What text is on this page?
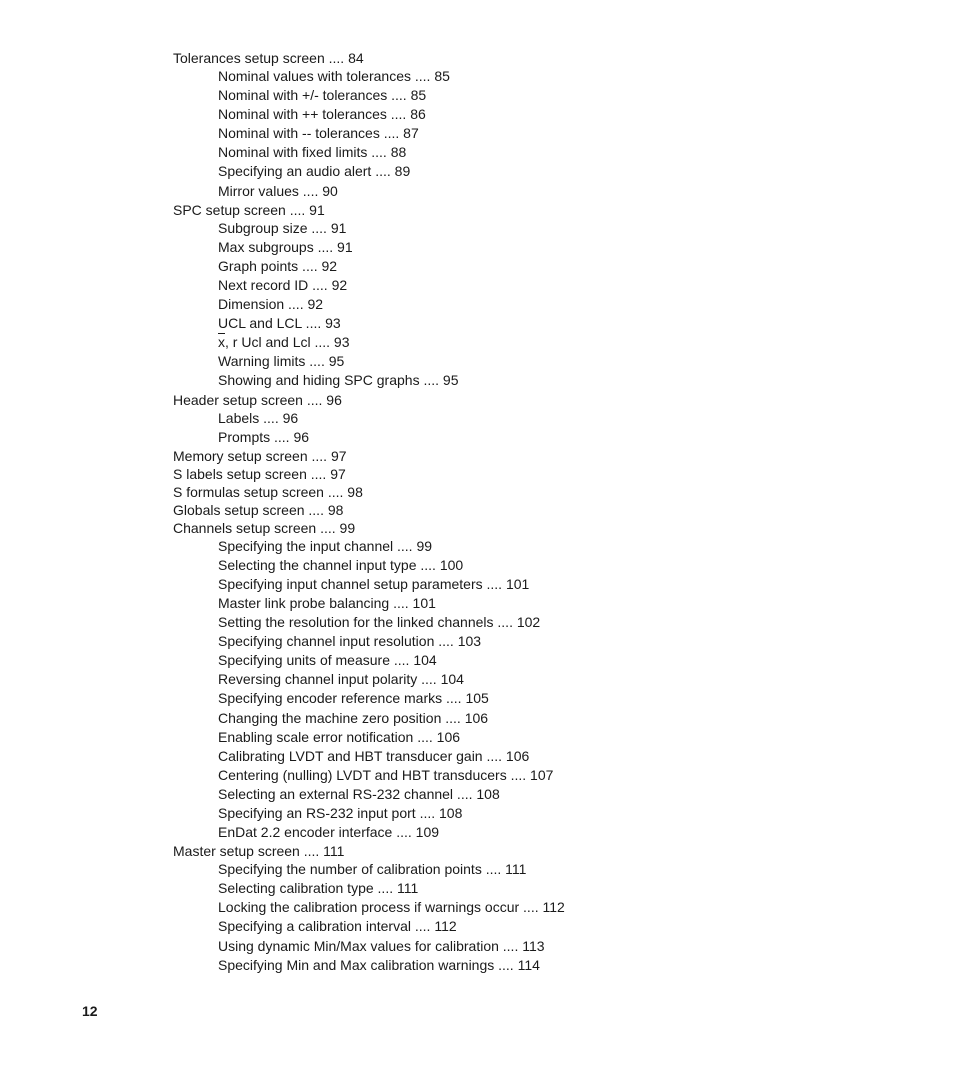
Tolerances setup screen .... 84
Nominal values with tolerances .... 85
Nominal with +/- tolerances .... 85
Nominal with ++ tolerances .... 86
Nominal with -- tolerances .... 87
Nominal with fixed limits .... 88
Specifying an audio alert .... 89
Mirror values .... 90
SPC setup screen .... 91
Subgroup size .... 91
Max subgroups .... 91
Graph points .... 92
Next record ID .... 92
Dimension .... 92
UCL and LCL .... 93
$\overline{x}$, r Ucl and Lcl .... 93
Warning limits .... 95
Showing and hiding SPC graphs .... 95
Header setup screen .... 96
Labels .... 96
Prompts .... 96
Memory setup screen .... 97
S labels setup screen .... 97
S formulas setup screen .... 98
Globals setup screen .... 98
Channels setup screen .... 99
Specifying the input channel .... 99
Selecting the channel input type .... 100
Specifying input channel setup parameters .... 101
Master link probe balancing .... 101
Setting the resolution for the linked channels .... 102
Specifying channel input resolution .... 103
Specifying units of measure .... 104
Reversing channel input polarity .... 104
Specifying encoder reference marks .... 105
Changing the machine zero position .... 106
Enabling scale error notification .... 106
Calibrating LVDT and HBT transducer gain .... 106
Centering (nulling) LVDT and HBT transducers .... 107
Selecting an external RS-232 channel .... 108
Specifying an RS-232 input port .... 108
EnDat 2.2 encoder interface .... 109
Master setup screen .... 111
Specifying the number of calibration points .... 111
Selecting calibration type .... 111
Locking the calibration process if warnings occur .... 112
Specifying a calibration interval .... 112
Using dynamic Min/Max values for calibration .... 113
Specifying Min and Max calibration warnings .... 114
12
